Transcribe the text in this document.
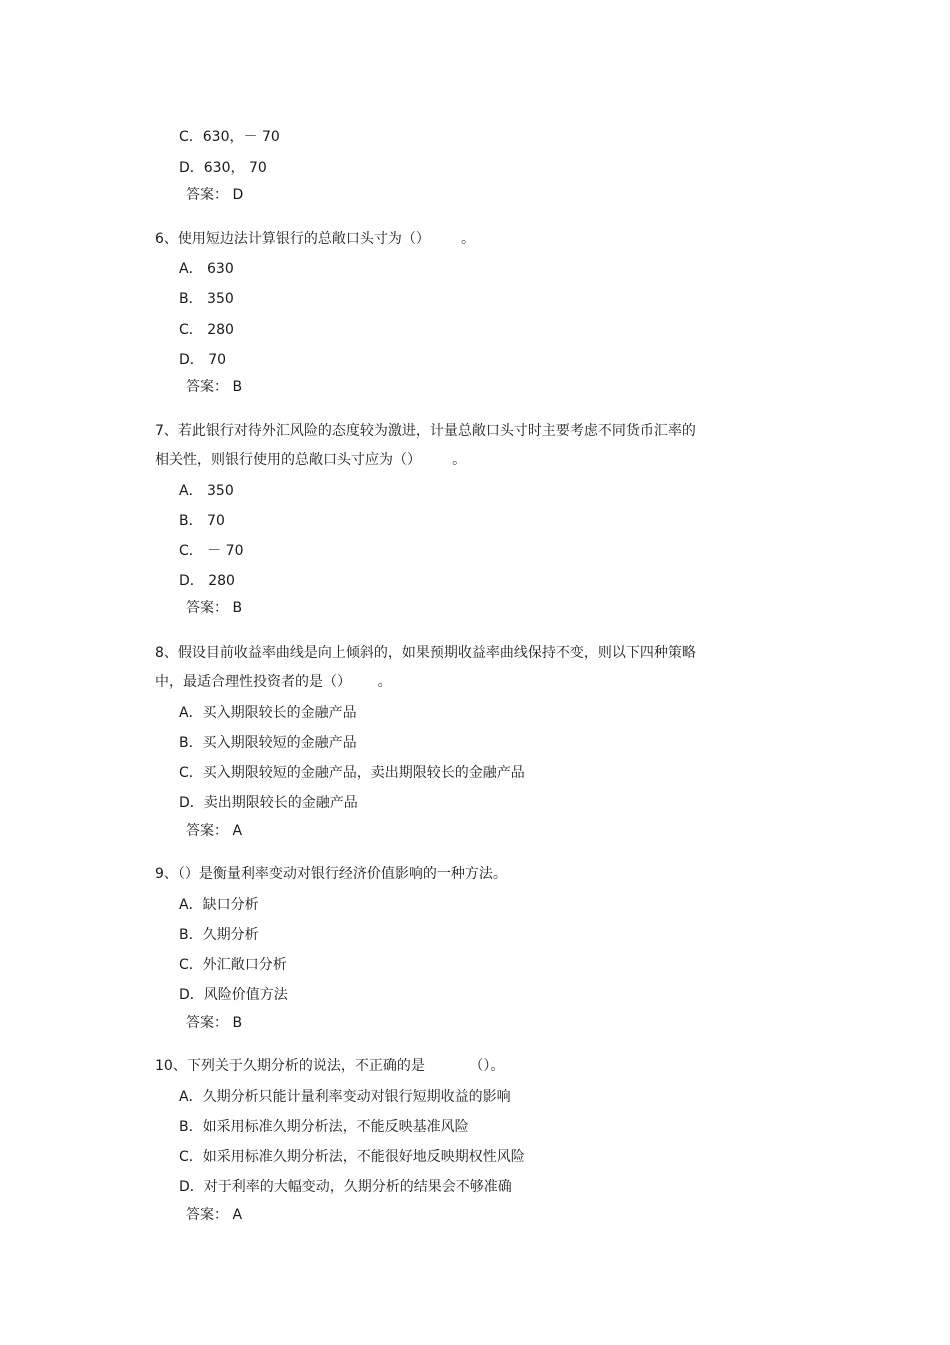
C．630，－ 70
D．630， 70
答案： D
6、使用短边法计算银行的总敞口头寸为（）       。
A． 630
B． 350
C． 280
D． 70
答案： B
7、若此银行对待外汇风险的态度较为激进，计量总敞口头寸时主要考虑不同货币汇率的
相关性，则银行使用的总敞口头寸应为（）       。
A． 350
B． 70
C． － 70
D． 280
答案： B
8、假设目前收益率曲线是向上倾斜的，如果预期收益率曲线保持不变，则以下四种策略
中，最适合理性投资者的是（）      。
A．买入期限较长的金融产品
B．买入期限较短的金融产品
C．买入期限较短的金融产品，卖出期限较长的金融产品
D．卖出期限较长的金融产品
答案： A
9、（）是衡量利率变动对银行经济价值影响的一种方法。
A．缺口分析
B．久期分析
C．外汇敞口分析
D．风险价值方法
答案： B
10、下列关于久期分析的说法，不正确的是          （）。
A．久期分析只能计量利率变动对银行短期收益的影响
B．如采用标准久期分析法，不能反映基准风险
C．如采用标准久期分析法，不能很好地反映期权性风险
D．对于利率的大幅变动，久期分析的结果会不够准确
答案： A
